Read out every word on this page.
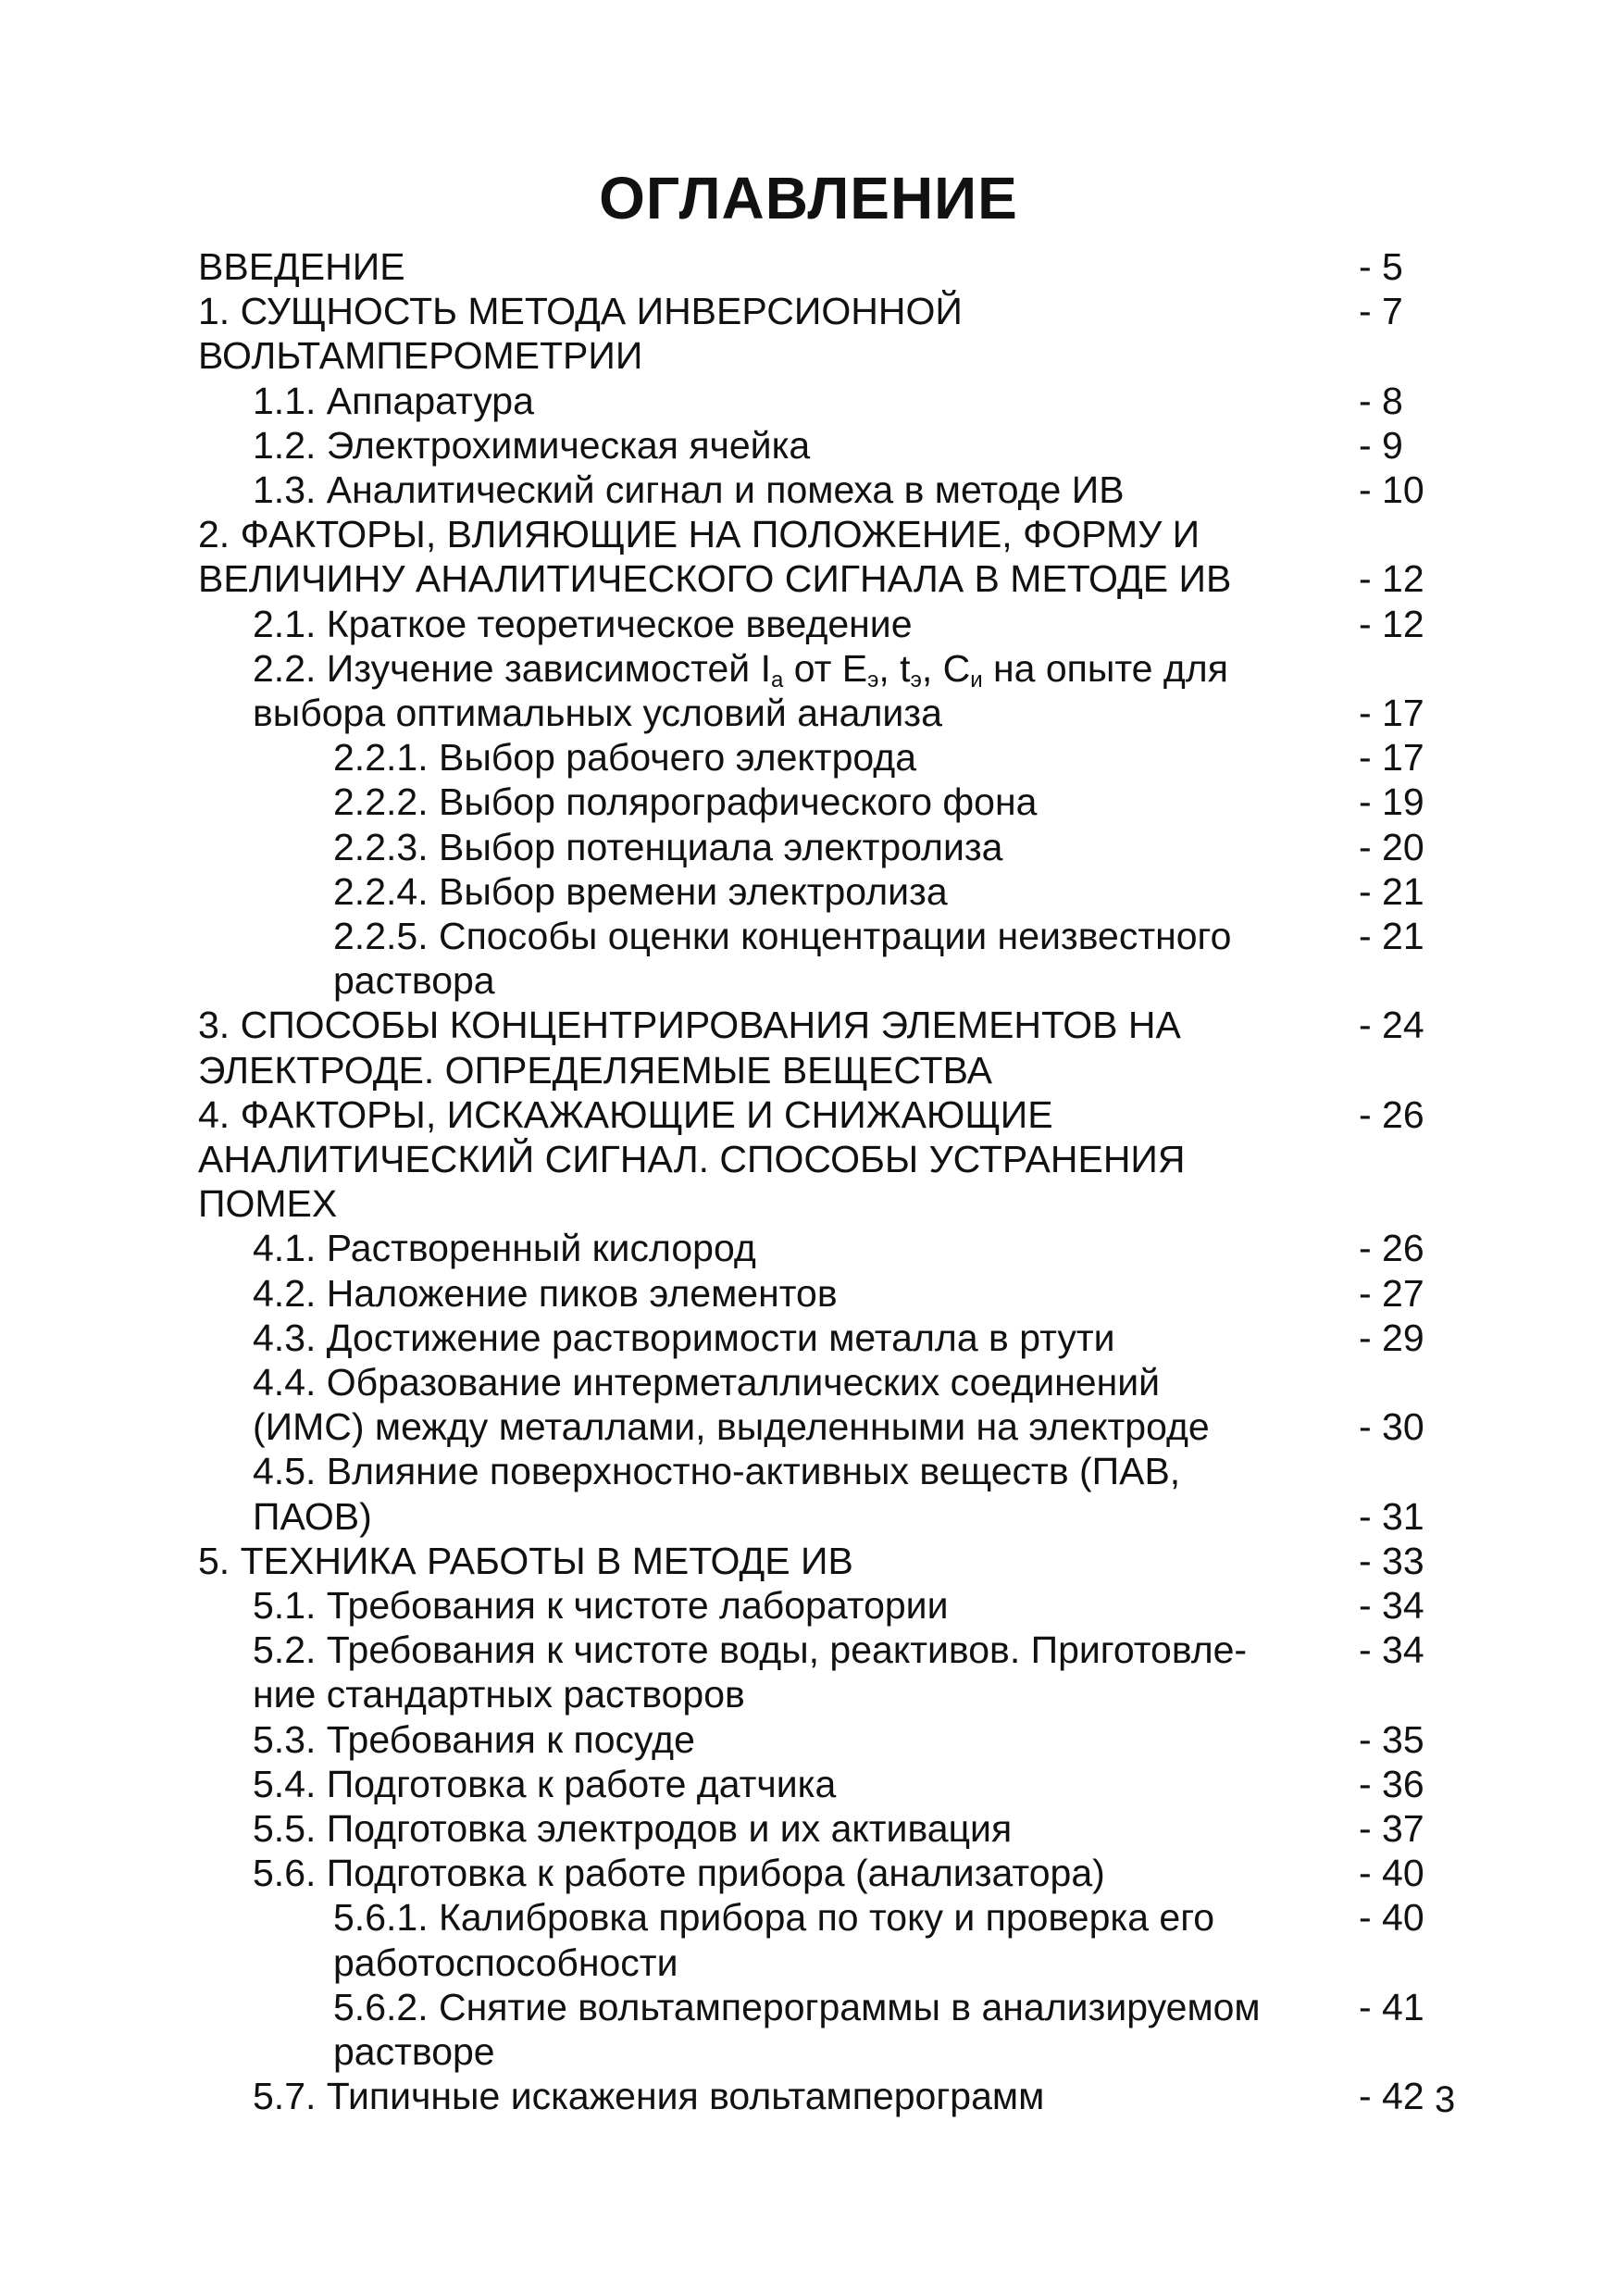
ОГЛАВЛЕНИЕ
ВВЕДЕНИЕ	- 5
1. СУЩНОСТЬ МЕТОДА ИНВЕРСИОННОЙ	- 7
ВОЛЬТАМПЕРОМЕТРИИ
1.1. Аппаратура	- 8
1.2. Электрохимическая ячейка	- 9
1.3. Аналитический сигнал и помеха в методе ИВ	- 10
2. ФАКТОРЫ, ВЛИЯЮЩИЕ НА ПОЛОЖЕНИЕ, ФОРМУ И
ВЕЛИЧИНУ АНАЛИТИЧЕСКОГО СИГНАЛА В МЕТОДЕ ИВ	- 12
2.1. Краткое теоретическое введение	- 12
2.2. Изучение зависимостей $I_а$ от $E_э$, $t_э$, $C_и$ на опыте для
выбора оптимальных условий анализа	- 17
2.2.1. Выбор рабочего электрода	- 17
2.2.2. Выбор полярографического фона	- 19
2.2.3. Выбор потенциала электролиза	- 20
2.2.4. Выбор времени электролиза	- 21
2.2.5. Способы оценки концентрации неизвестного	- 21
раствора
3. СПОСОБЫ КОНЦЕНТРИРОВАНИЯ ЭЛЕМЕНТОВ НА	- 24
ЭЛЕКТРОДЕ. ОПРЕДЕЛЯЕМЫЕ ВЕЩЕСТВА
4. ФАКТОРЫ, ИСКАЖАЮЩИЕ И СНИЖАЮЩИЕ	- 26
АНАЛИТИЧЕСКИЙ СИГНАЛ. СПОСОБЫ УСТРАНЕНИЯ
ПОМЕХ
4.1. Растворенный кислород	- 26
4.2. Наложение пиков элементов	- 27
4.3. Достижение растворимости металла в ртути	- 29
4.4. Образование интерметаллических соединений
(ИМС) между металлами, выделенными на электроде	- 30
4.5. Влияние поверхностно-активных веществ (ПАВ,
ПАОВ)	- 31
5. ТЕХНИКА РАБОТЫ В МЕТОДЕ ИВ	- 33
5.1. Требования к чистоте лаборатории	- 34
5.2. Требования к чистоте воды, реактивов. Приготовле-	- 34
ние стандартных растворов
5.3. Требования к посуде	- 35
5.4. Подготовка к работе датчика	- 36
5.5. Подготовка электродов и их активация	- 37
5.6. Подготовка к работе прибора (анализатора)	- 40
5.6.1. Калибровка прибора по току и проверка его	- 40
работоспособности
5.6.2. Снятие вольтамперограммы в анализируемом	- 41
растворе
5.7. Типичные искажения вольтамперограмм	- 42 3
